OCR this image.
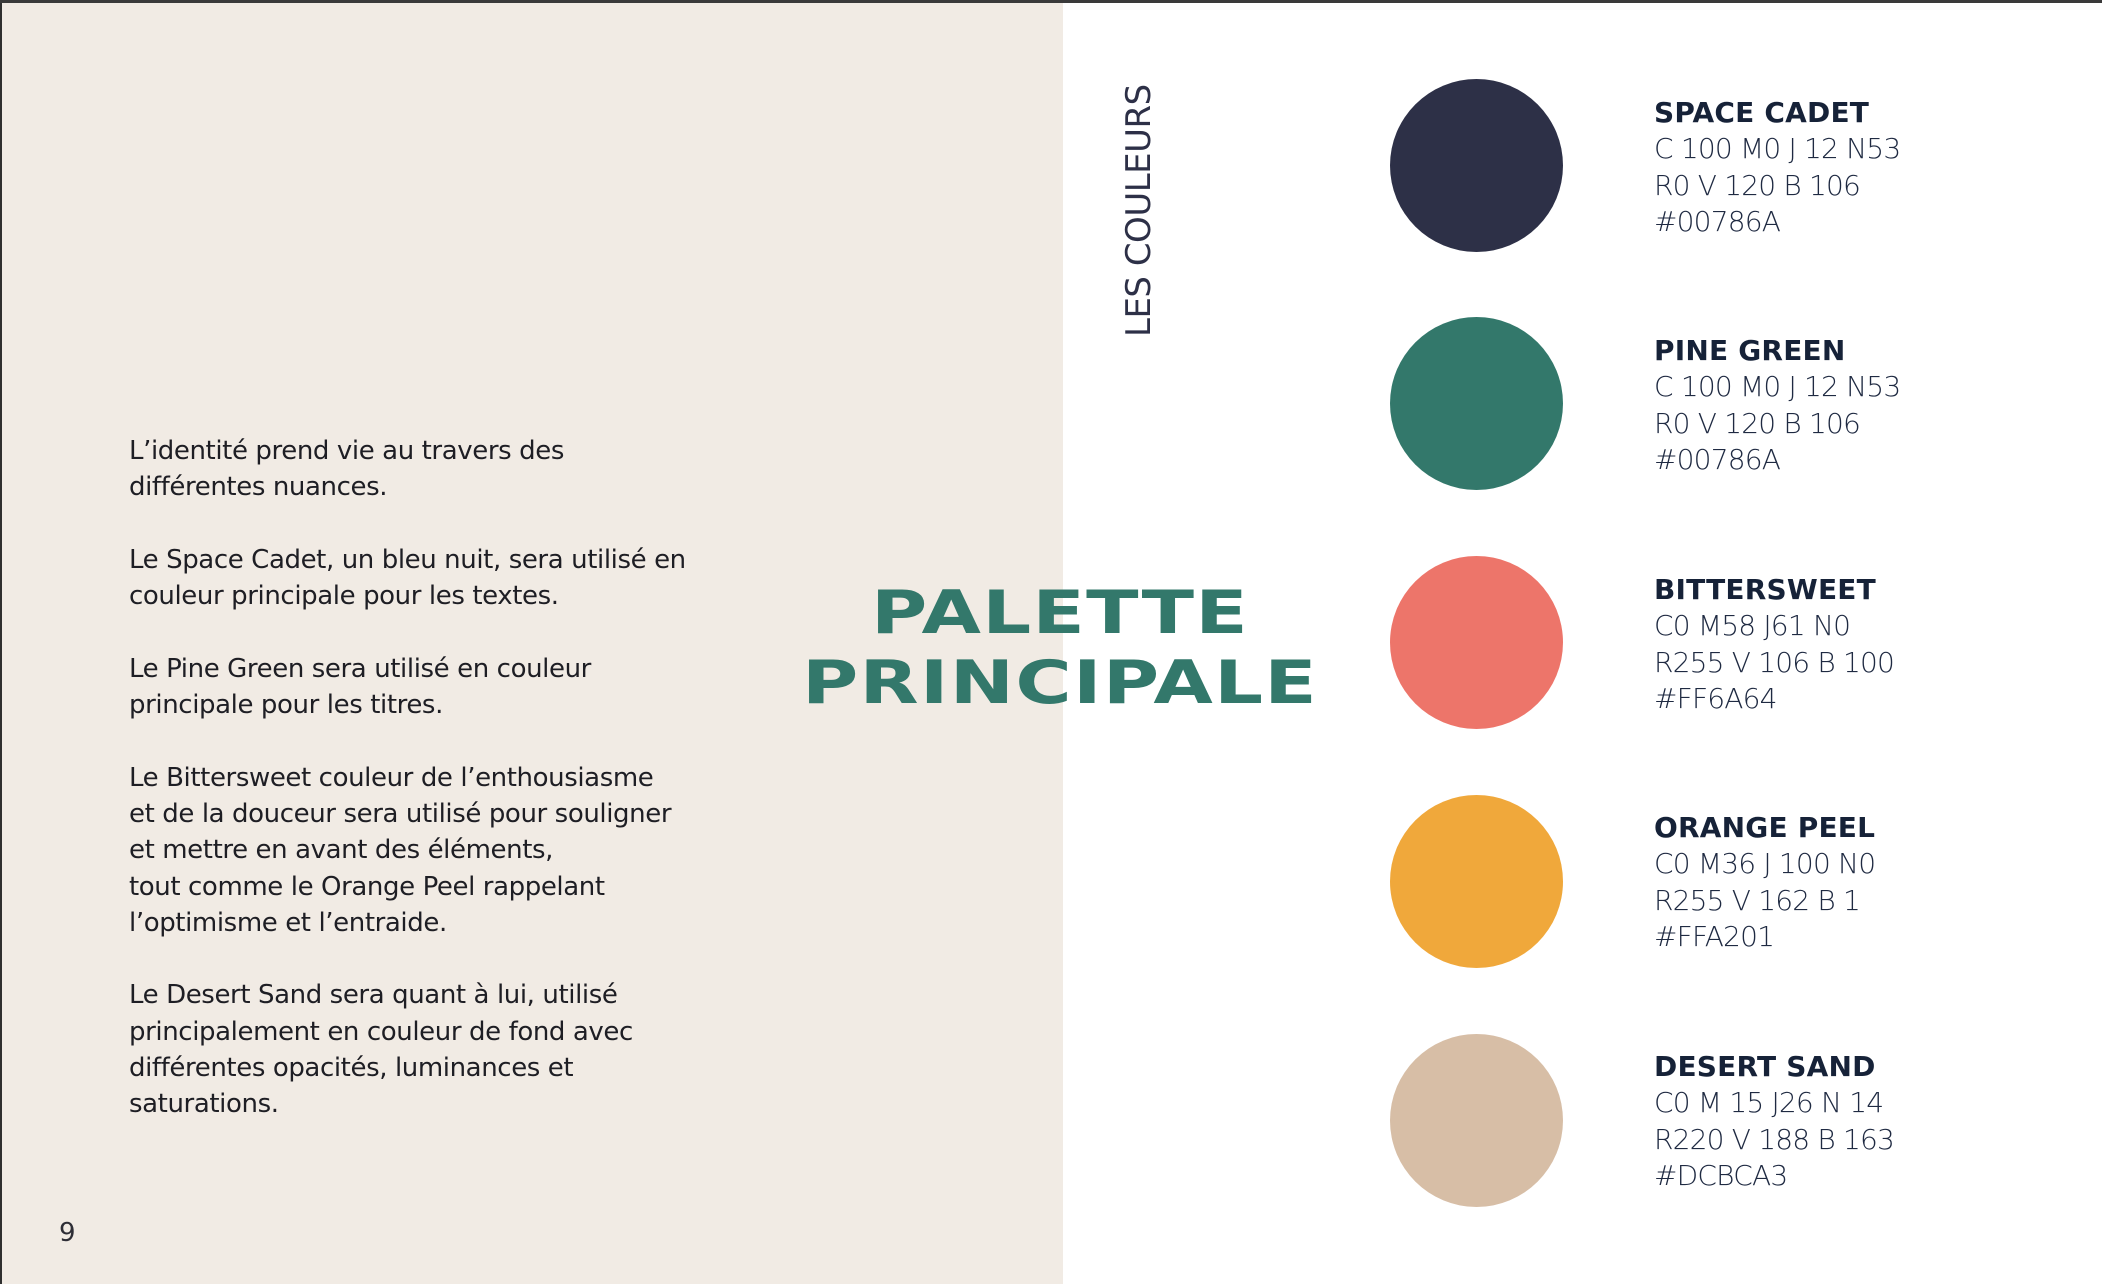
L’identité prend vie au travers des
différentes nuances.

Le Space Cadet, un bleu nuit, sera utilisé en
couleur principale pour les textes.

Le Pine Green sera utilisé en couleur
principale pour les titres.

Le Bittersweet couleur de l’enthousiasme
et de la douceur sera utilisé pour souligner
et mettre en avant des éléments,
tout comme le Orange Peel rappelant
l’optimisme et l’entraide.

Le Desert Sand sera quant à lui, utilisé
principalement en couleur de fond avec
différentes opacités, luminances et
saturations.

9
LES COULEURS
PALETTE
PRINCIPALE
SPACE CADET
C 100 M0 J 12 N53
R0 V 120 B 106
#00786A
PINE GREEN
C 100 M0 J 12 N53
R0 V 120 B 106
#00786A
BITTERSWEET
C0 M58 J61 N0
R255 V 106 B 100
#FF6A64
ORANGE PEEL
C0 M36 J 100 N0
R255 V 162 B 1
#FFA201
DESERT SAND
C0 M 15 J26 N 14
R220 V 188 B 163
#DCBCA3
